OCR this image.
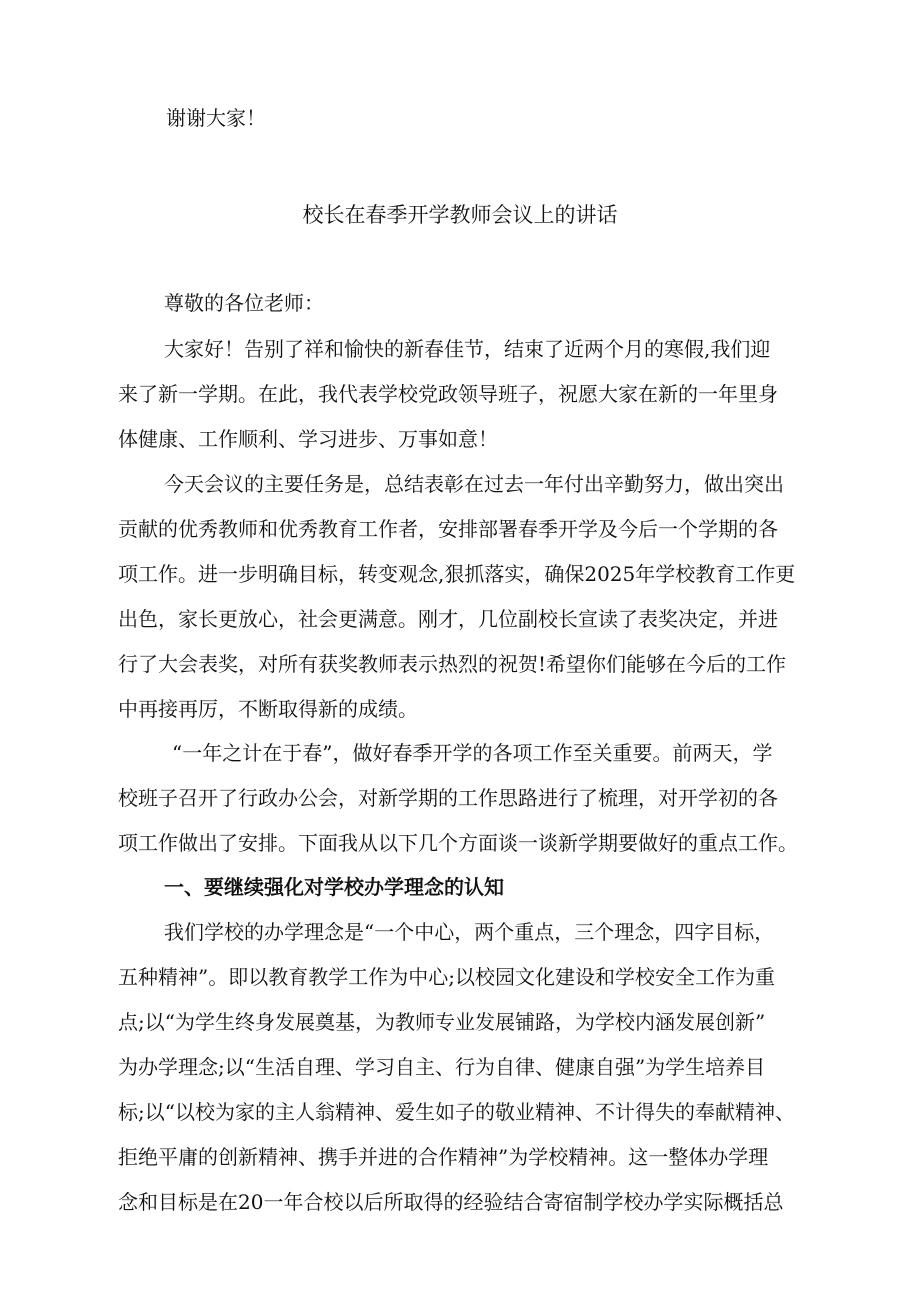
谢谢大家！
校长在春季开学教师会议上的讲话
尊敬的各位老师：
大家好！告别了祥和愉快的新春佳节，结束了近两个月的寒假,我们迎
来了新一学期。在此，我代表学校党政领导班子，祝愿大家在新的一年里身
体健康、工作顺利、学习进步、万事如意！
今天会议的主要任务是，总结表彰在过去一年付出辛勤努力，做出突出
贡献的优秀教师和优秀教育工作者，安排部署春季开学及今后一个学期的各
项工作。进一步明确目标，转变观念,狠抓落实，确保2025年学校教育工作更
出色，家长更放心，社会更满意。刚才，几位副校长宣读了表奖决定，并进
行了大会表奖，对所有获奖教师表示热烈的祝贺!希望你们能够在今后的工作
中再接再厉，不断取得新的成绩。
“一年之计在于春”，做好春季开学的各项工作至关重要。前两天，学
校班子召开了行政办公会，对新学期的工作思路进行了梳理，对开学初的各
项工作做出了安排。下面我从以下几个方面谈一谈新学期要做好的重点工作。
一、要继续强化对学校办学理念的认知
我们学校的办学理念是“一个中心，两个重点，三个理念，四字目标，
五种精神”。即以教育教学工作为中心;以校园文化建设和学校安全工作为重
点;以“为学生终身发展奠基，为教师专业发展铺路，为学校内涵发展创新”
为办学理念;以“生活自理、学习自主、行为自律、健康自强”为学生培养目
标;以“以校为家的主人翁精神、爱生如子的敬业精神、不计得失的奉献精神、
拒绝平庸的创新精神、携手并进的合作精神”为学校精神。这一整体办学理
念和目标是在20一年合校以后所取得的经验结合寄宿制学校办学实际概括总
